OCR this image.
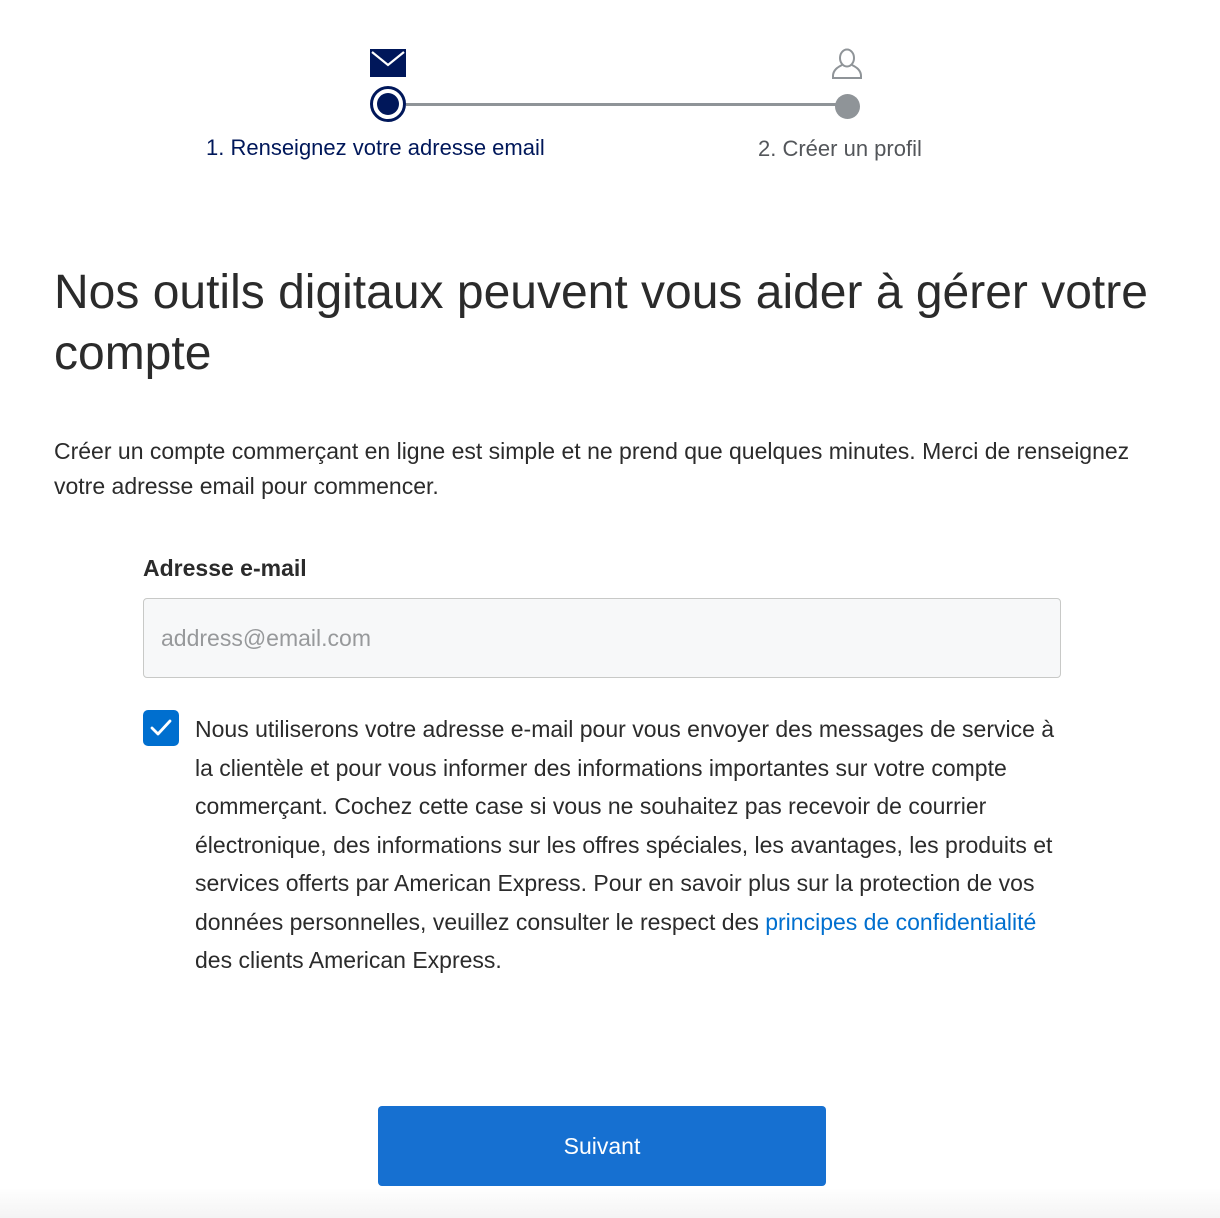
1. Renseignez votre adresse email	2. Créer un profil
Nos outils digitaux peuvent vous aider à gérer votre compte

Créer un compte commerçant en ligne est simple et ne prend que quelques minutes. Merci de renseignez votre adresse email pour commencer.

Adresse e-mail
address@email.com

Nous utiliserons votre adresse e-mail pour vous envoyer des messages de service à la clientèle et pour vous informer des informations importantes sur votre compte commerçant. Cochez cette case si vous ne souhaitez pas recevoir de courrier électronique, des informations sur les offres spéciales, les avantages, les produits et services offerts par American Express. Pour en savoir plus sur la protection de vos données personnelles, veuillez consulter le respect des principes de confidentialité des clients American Express.

Suivant
